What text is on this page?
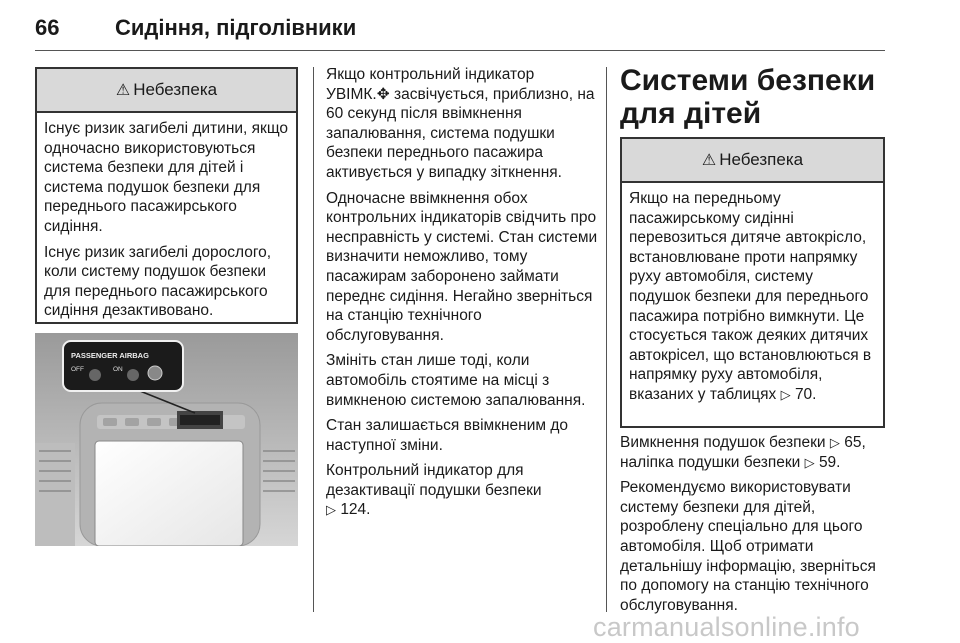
66	Сидіння, підголівники
⚠ Небезпека

Існує ризик загибелі дитини, якщо одночасно використовуються система безпеки для дітей і система подушок безпеки для переднього пасажирського сидіння.

Існує ризик загибелі дорослого, коли систему подушок безпеки для переднього пасажирського сидіння дезактивовано.

PASSENGER AIRBAG
OFF	ON

Якщо контрольний індикатор УВІМК.✥ засвічується, приблизно, на 60 секунд після ввімкнення запалювання, система подушки безпеки переднього пасажира активується у випадку зіткнення.

Одночасне ввімкнення обох контрольних індикаторів свідчить про несправність у системі. Стан системи визначити неможливо, тому пасажирам заборонено займати переднє сидіння. Негайно зверніться на станцію технічного обслуговування.

Змініть стан лише тоді, коли автомобіль стоятиме на місці з вимкненою системою запалювання.

Стан залишається ввімкненим до наступної зміни.

Контрольний індикатор для дезактивації подушки безпеки
▷ 124.

Системи безпеки для дітей
⚠ Небезпека

Якщо на передньому пасажирському сидінні перевозиться дитяче автокрісло, встановлюване проти напрямку руху автомобіля, систему подушок безпеки для переднього пасажира потрібно вимкнути. Це стосується також деяких дитячих автокрісел, що встановлюються в напрямку руху автомобіля, вказаних у таблицях ▷ 70.

Вимкнення подушок безпеки ▷ 65,
наліпка подушки безпеки ▷ 59.

Рекомендуємо використовувати систему безпеки для дітей, розроблену спеціально для цього автомобіля. Щоб отримати детальнішу інформацію, зверніться по допомогу на станцію технічного обслуговування.

carmanualsonline.info
